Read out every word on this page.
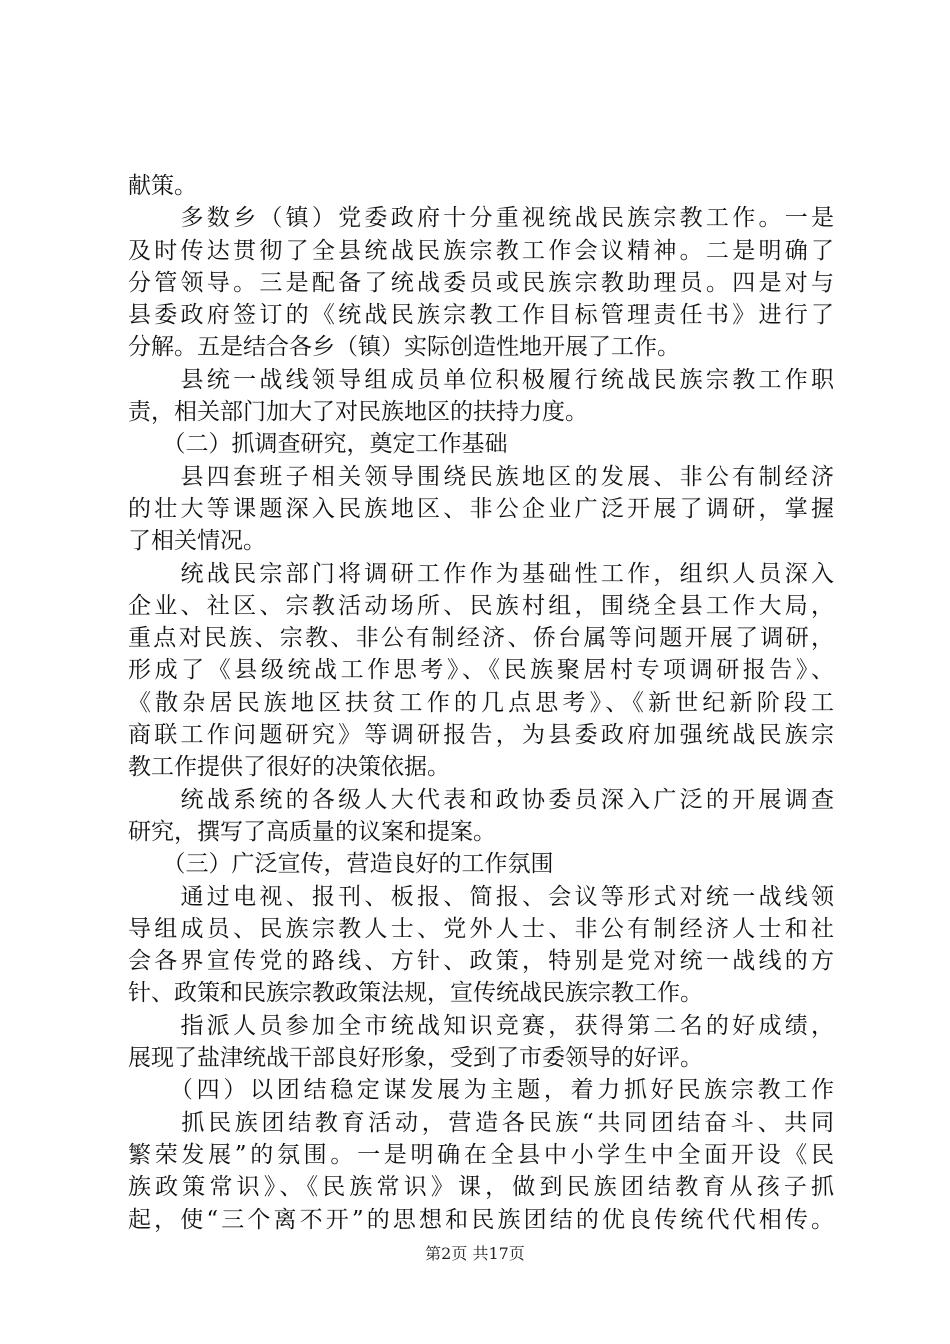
献策。
　　多数乡（镇）党委政府十分重视统战民族宗教工作。一是
及时传达贯彻了全县统战民族宗教工作会议精神。二是明确了
分管领导。三是配备了统战委员或民族宗教助理员。四是对与
县委政府签订的《统战民族宗教工作目标管理责任书》进行了
分解。五是结合各乡（镇）实际创造性地开展了工作。
　　县统一战线领导组成员单位积极履行统战民族宗教工作职
责，相关部门加大了对民族地区的扶持力度。
　　（二）抓调查研究，奠定工作基础
　　县四套班子相关领导围绕民族地区的发展、非公有制经济
的壮大等课题深入民族地区、非公企业广泛开展了调研，掌握
了相关情况。
　　统战民宗部门将调研工作作为基础性工作，组织人员深入
企业、社区、宗教活动场所、民族村组，围绕全县工作大局，
重点对民族、宗教、非公有制经济、侨台属等问题开展了调研，
形成了《县级统战工作思考》、《民族聚居村专项调研报告》、
《散杂居民族地区扶贫工作的几点思考》、《新世纪新阶段工
商联工作问题研究》等调研报告，为县委政府加强统战民族宗
教工作提供了很好的决策依据。
　　统战系统的各级人大代表和政协委员深入广泛的开展调查
研究，撰写了高质量的议案和提案。
　　（三）广泛宣传，营造良好的工作氛围
　　通过电视、报刊、板报、简报、会议等形式对统一战线领
导组成员、民族宗教人士、党外人士、非公有制经济人士和社
会各界宣传党的路线、方针、政策，特别是党对统一战线的方
针、政策和民族宗教政策法规，宣传统战民族宗教工作。
　　指派人员参加全市统战知识竞赛，获得第二名的好成绩，
展现了盐津统战干部良好形象，受到了市委领导的好评。
　　（四）以团结稳定谋发展为主题，着力抓好民族宗教工作
　　抓民族团结教育活动，营造各民族“共同团结奋斗、共同
繁荣发展”的氛围。一是明确在全县中小学生中全面开设《民
族政策常识》、《民族常识》课，做到民族团结教育从孩子抓
起，使“三个离不开”的思想和民族团结的优良传统代代相传。
第2页 共17页
